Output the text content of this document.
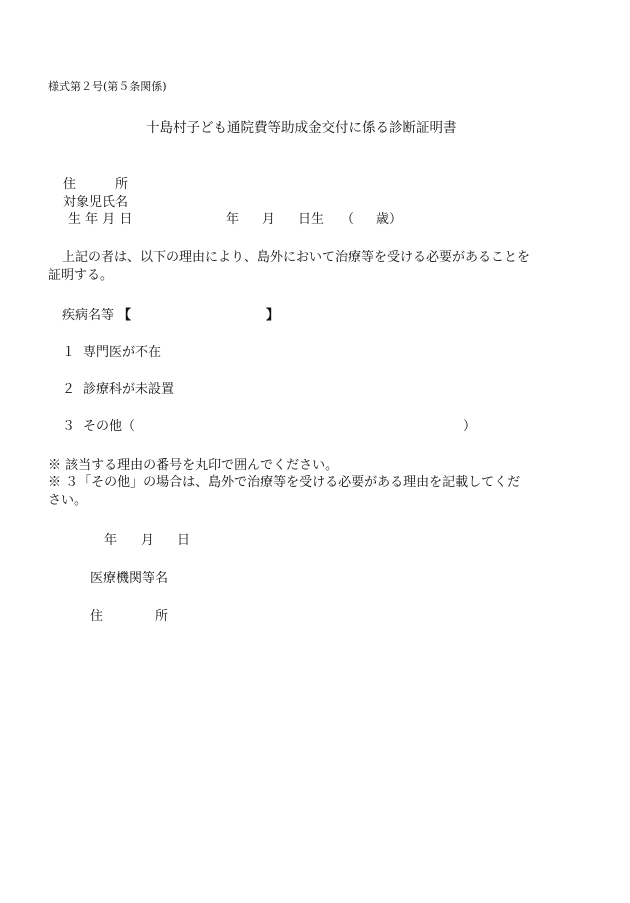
様式第２号(第５条関係)
十島村子ども通院費等助成金交付に係る診断証明書
住　　　所
対象児氏名
生 年 月 日	年 月 日生 （ 歳）
上記の者は、以下の理由により、島外において治療等を受ける必要があることを
証明する。
疾病名等 【	】
１ 専門医が不在
２ 診療科が未設置
３ その他（	）
※ 該当する理由の番号を丸印で囲んでください。
※ ３「その他」の場合は、島外で治療等を受ける必要がある理由を記載してくだ
さい。
年 月 日
医療機関等名
住　　　　所
